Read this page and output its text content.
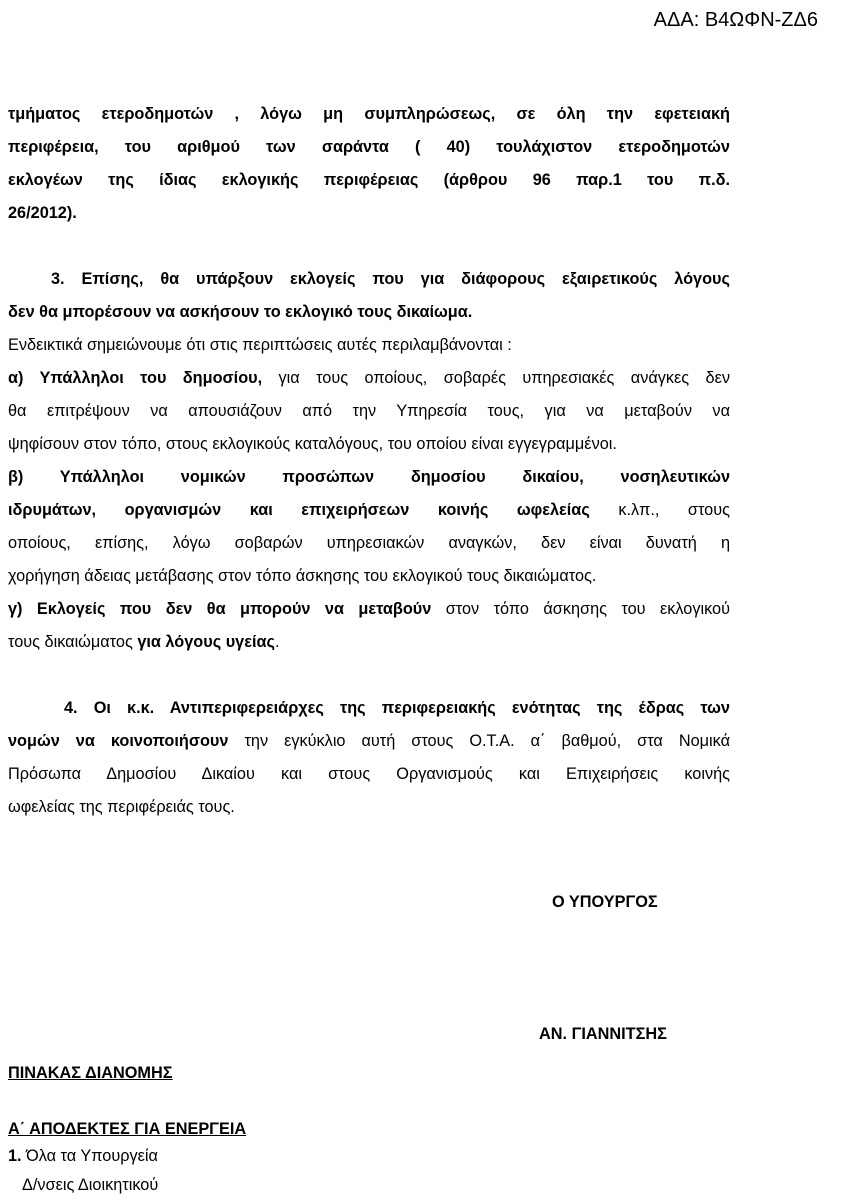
ΑΔΑ: Β4ΩΦΝ-ΖΔ6
τμήματος ετεροδημοτών , λόγω μη συμπληρώσεως, σε όλη την εφετειακή
περιφέρεια, του αριθμού των σαράντα ( 40) τουλάχιστον ετεροδημοτών
εκλογέων της ίδιας εκλογικής περιφέρειας (άρθρου 96 παρ.1 του π.δ.
26/2012).
3. Επίσης, θα υπάρξουν εκλογείς που για διάφορους εξαιρετικούς λόγους
δεν θα μπορέσουν να ασκήσουν το εκλογικό τους δικαίωμα.
Ενδεικτικά σημειώνουμε ότι στις περιπτώσεις αυτές περιλαμβάνονται :
α) Υπάλληλοι του δημοσίου, για τους οποίους, σοβαρές υπηρεσιακές ανάγκες δεν
θα επιτρέψουν να απουσιάζουν από την Υπηρεσία τους, για να μεταβούν να
ψηφίσουν στον τόπο, στους εκλογικούς καταλόγους, του οποίου είναι εγγεγραμμένοι.
β) Υπάλληλοι νομικών προσώπων δημοσίου δικαίου, νοσηλευτικών
ιδρυμάτων, οργανισμών και επιχειρήσεων κοινής ωφελείας κ.λπ., στους
οποίους, επίσης, λόγω σοβαρών υπηρεσιακών αναγκών, δεν είναι δυνατή η
χορήγηση άδειας μετάβασης στον τόπο άσκησης του εκλογικού τους δικαιώματος.
γ) Εκλογείς που δεν θα μπορούν να μεταβούν στον τόπο άσκησης του εκλογικού
τους δικαιώματος για λόγους υγείας.
4. Οι κ.κ. Αντιπεριφερειάρχες της περιφερειακής ενότητας της έδρας των
νομών να κοινοποιήσουν την εγκύκλιο αυτή στους Ο.Τ.Α. α΄ βαθμού, στα Νομικά
Πρόσωπα Δημοσίου Δικαίου και στους Οργανισμούς και Επιχειρήσεις κοινής
ωφελείας της περιφέρειάς τους.
Ο ΥΠΟΥΡΓΟΣ
ΑΝ. ΓΙΑΝΝΙΤΣΗΣ
ΠΙΝΑΚΑΣ ΔΙΑΝΟΜΗΣ
Α΄ ΑΠΟΔΕΚΤΕΣ ΓΙΑ ΕΝΕΡΓΕΙΑ
1. Όλα τα Υπουργεία
Δ/νσεις Διοικητικού
